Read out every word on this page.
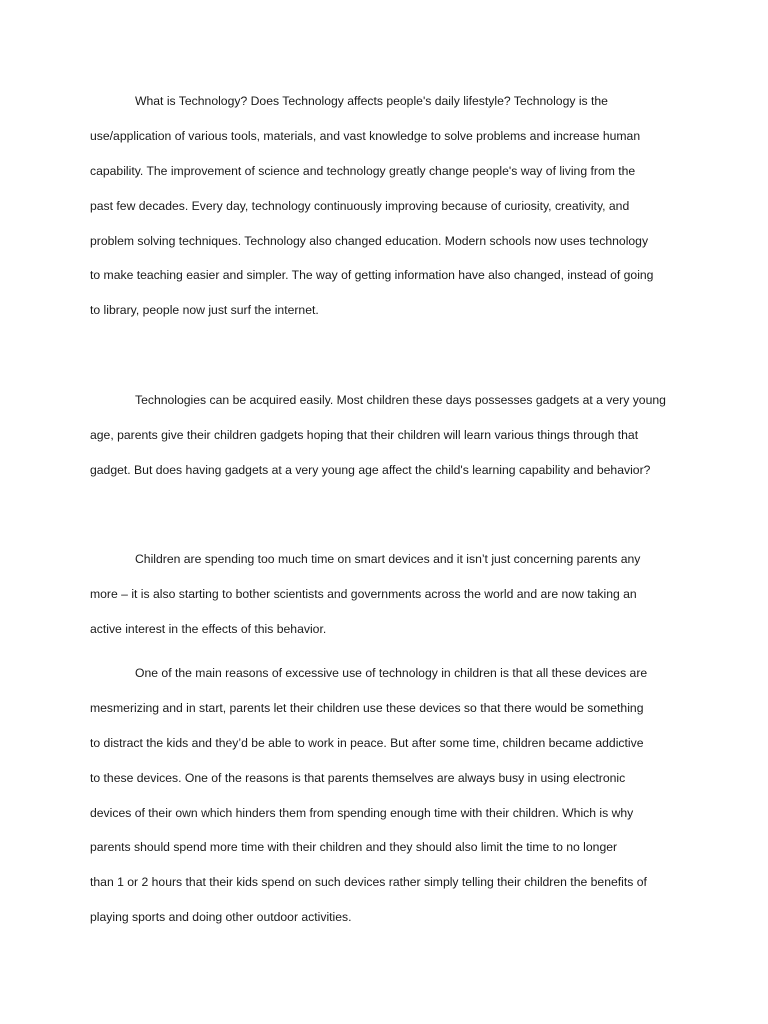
What is Technology? Does Technology affects people's daily lifestyle? Technology is the
use/application of various tools, materials, and vast knowledge to solve problems and increase human
capability. The improvement of science and technology greatly change people's way of living from the
past few decades. Every day, technology continuously improving because of curiosity, creativity, and
problem solving techniques. Technology also changed education. Modern schools now uses technology
to make teaching easier and simpler. The way of getting information have also changed, instead of going
to library, people now just surf the internet.
Technologies can be acquired easily. Most children these days possesses gadgets at a very young
age, parents give their children gadgets hoping that their children will learn various things through that
gadget. But does having gadgets at a very young age affect the child's learning capability and behavior?
Children are spending too much time on smart devices and it isn’t just concerning parents any
more – it is also starting to bother scientists and governments across the world and are now taking an
active interest in the effects of this behavior.
One of the main reasons of excessive use of technology in children is that all these devices are
mesmerizing and in start, parents let their children use these devices so that there would be something
to distract the kids and they’d be able to work in peace. But after some time, children became addictive
to these devices. One of the reasons is that parents themselves are always busy in using electronic
devices of their own which hinders them from spending enough time with their children. Which is why
parents should spend more time with their children and they should also limit the time to no longer
than 1 or 2 hours that their kids spend on such devices rather simply telling their children the benefits of
playing sports and doing other outdoor activities.
